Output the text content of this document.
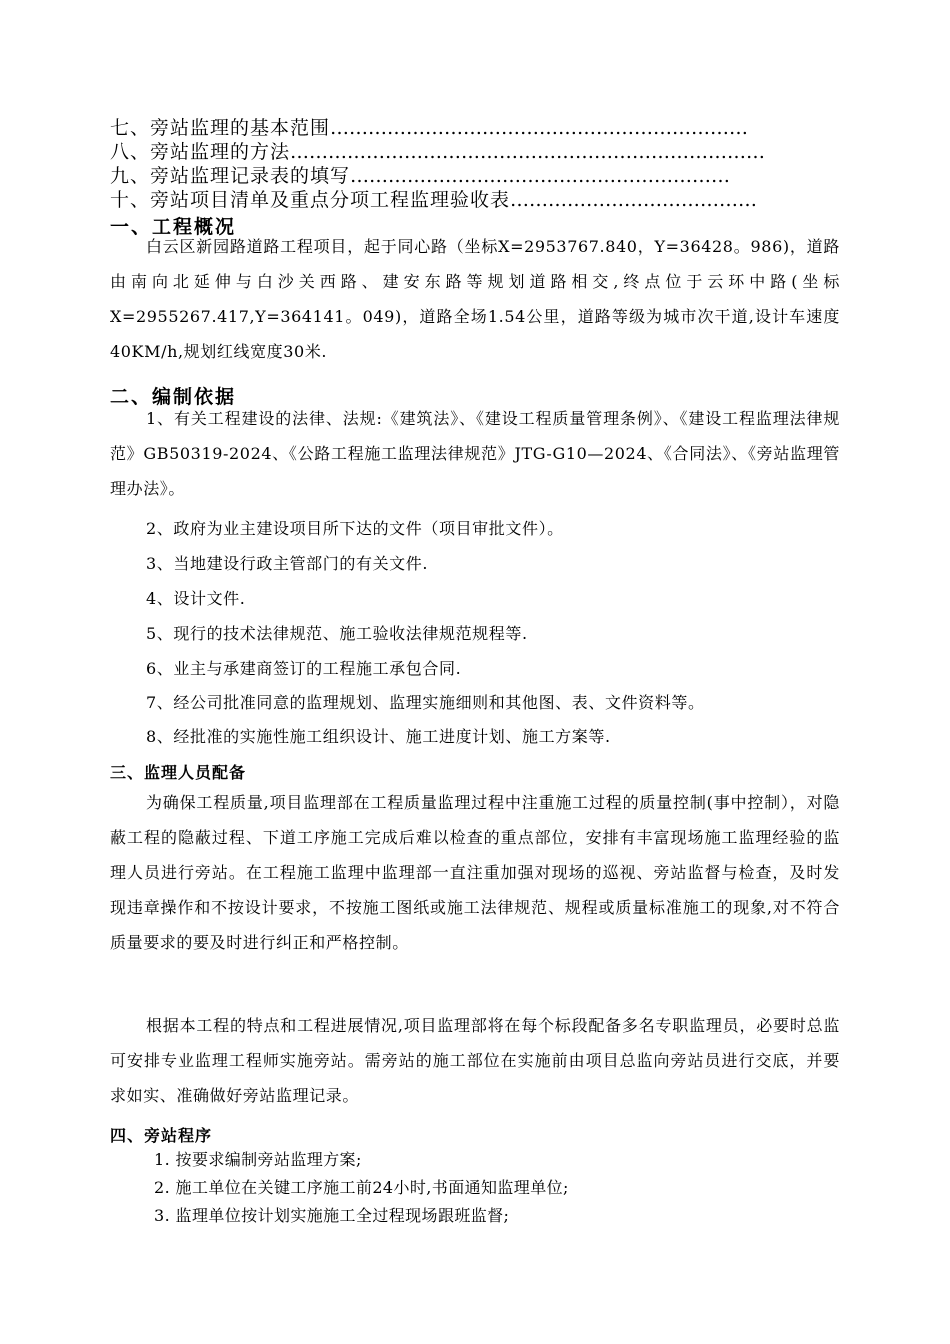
七、旁站监理的基本范围…………………………………………………………
八、旁站监理的方法…………………………………………………………………
九、旁站监理记录表的填写……………………………………………………
十、旁站项目清单及重点分项工程监理验收表…………………………………
一、工程概况
白云区新园路道路工程项目，起于同心路（坐标X=2953767.840，Y=36428。986)，道路由南向北延伸与白沙关西路、建安东路等规划道路相交,终点位于云环中路(坐标X=2955267.417,Y=364141。049)，道路全场1.54公里，道路等级为城市次干道,设计车速度40KM/h,规划红线宽度30米.
二、编制依据
1、有关工程建设的法律、法规:《建筑法》、《建设工程质量管理条例》、《建设工程监理法律规范》GB50319-2024、《公路工程施工监理法律规范》JTG-G10—2024、《合同法》、《旁站监理管理办法》。
2、政府为业主建设项目所下达的文件（项目审批文件）。
3、当地建设行政主管部门的有关文件.
4、设计文件.
5、现行的技术法律规范、施工验收法律规范规程等.
6、业主与承建商签订的工程施工承包合同.
7、经公司批准同意的监理规划、监理实施细则和其他图、表、文件资料等。
8、经批准的实施性施工组织设计、施工进度计划、施工方案等.
三、监理人员配备
为确保工程质量,项目监理部在工程质量监理过程中注重施工过程的质量控制(事中控制），对隐蔽工程的隐蔽过程、下道工序施工完成后难以检查的重点部位，安排有丰富现场施工监理经验的监理人员进行旁站。在工程施工监理中监理部一直注重加强对现场的巡视、旁站监督与检查，及时发现违章操作和不按设计要求，不按施工图纸或施工法律规范、规程或质量标准施工的现象,对不符合质量要求的要及时进行纠正和严格控制。
根据本工程的特点和工程进展情况,项目监理部将在每个标段配备多名专职监理员，必要时总监可安排专业监理工程师实施旁站。需旁站的施工部位在实施前由项目总监向旁站员进行交底，并要求如实、准确做好旁站监理记录。
四、旁站程序
1. 按要求编制旁站监理方案;
2. 施工单位在关键工序施工前24小时,书面通知监理单位;
3. 监理单位按计划实施施工全过程现场跟班监督;
